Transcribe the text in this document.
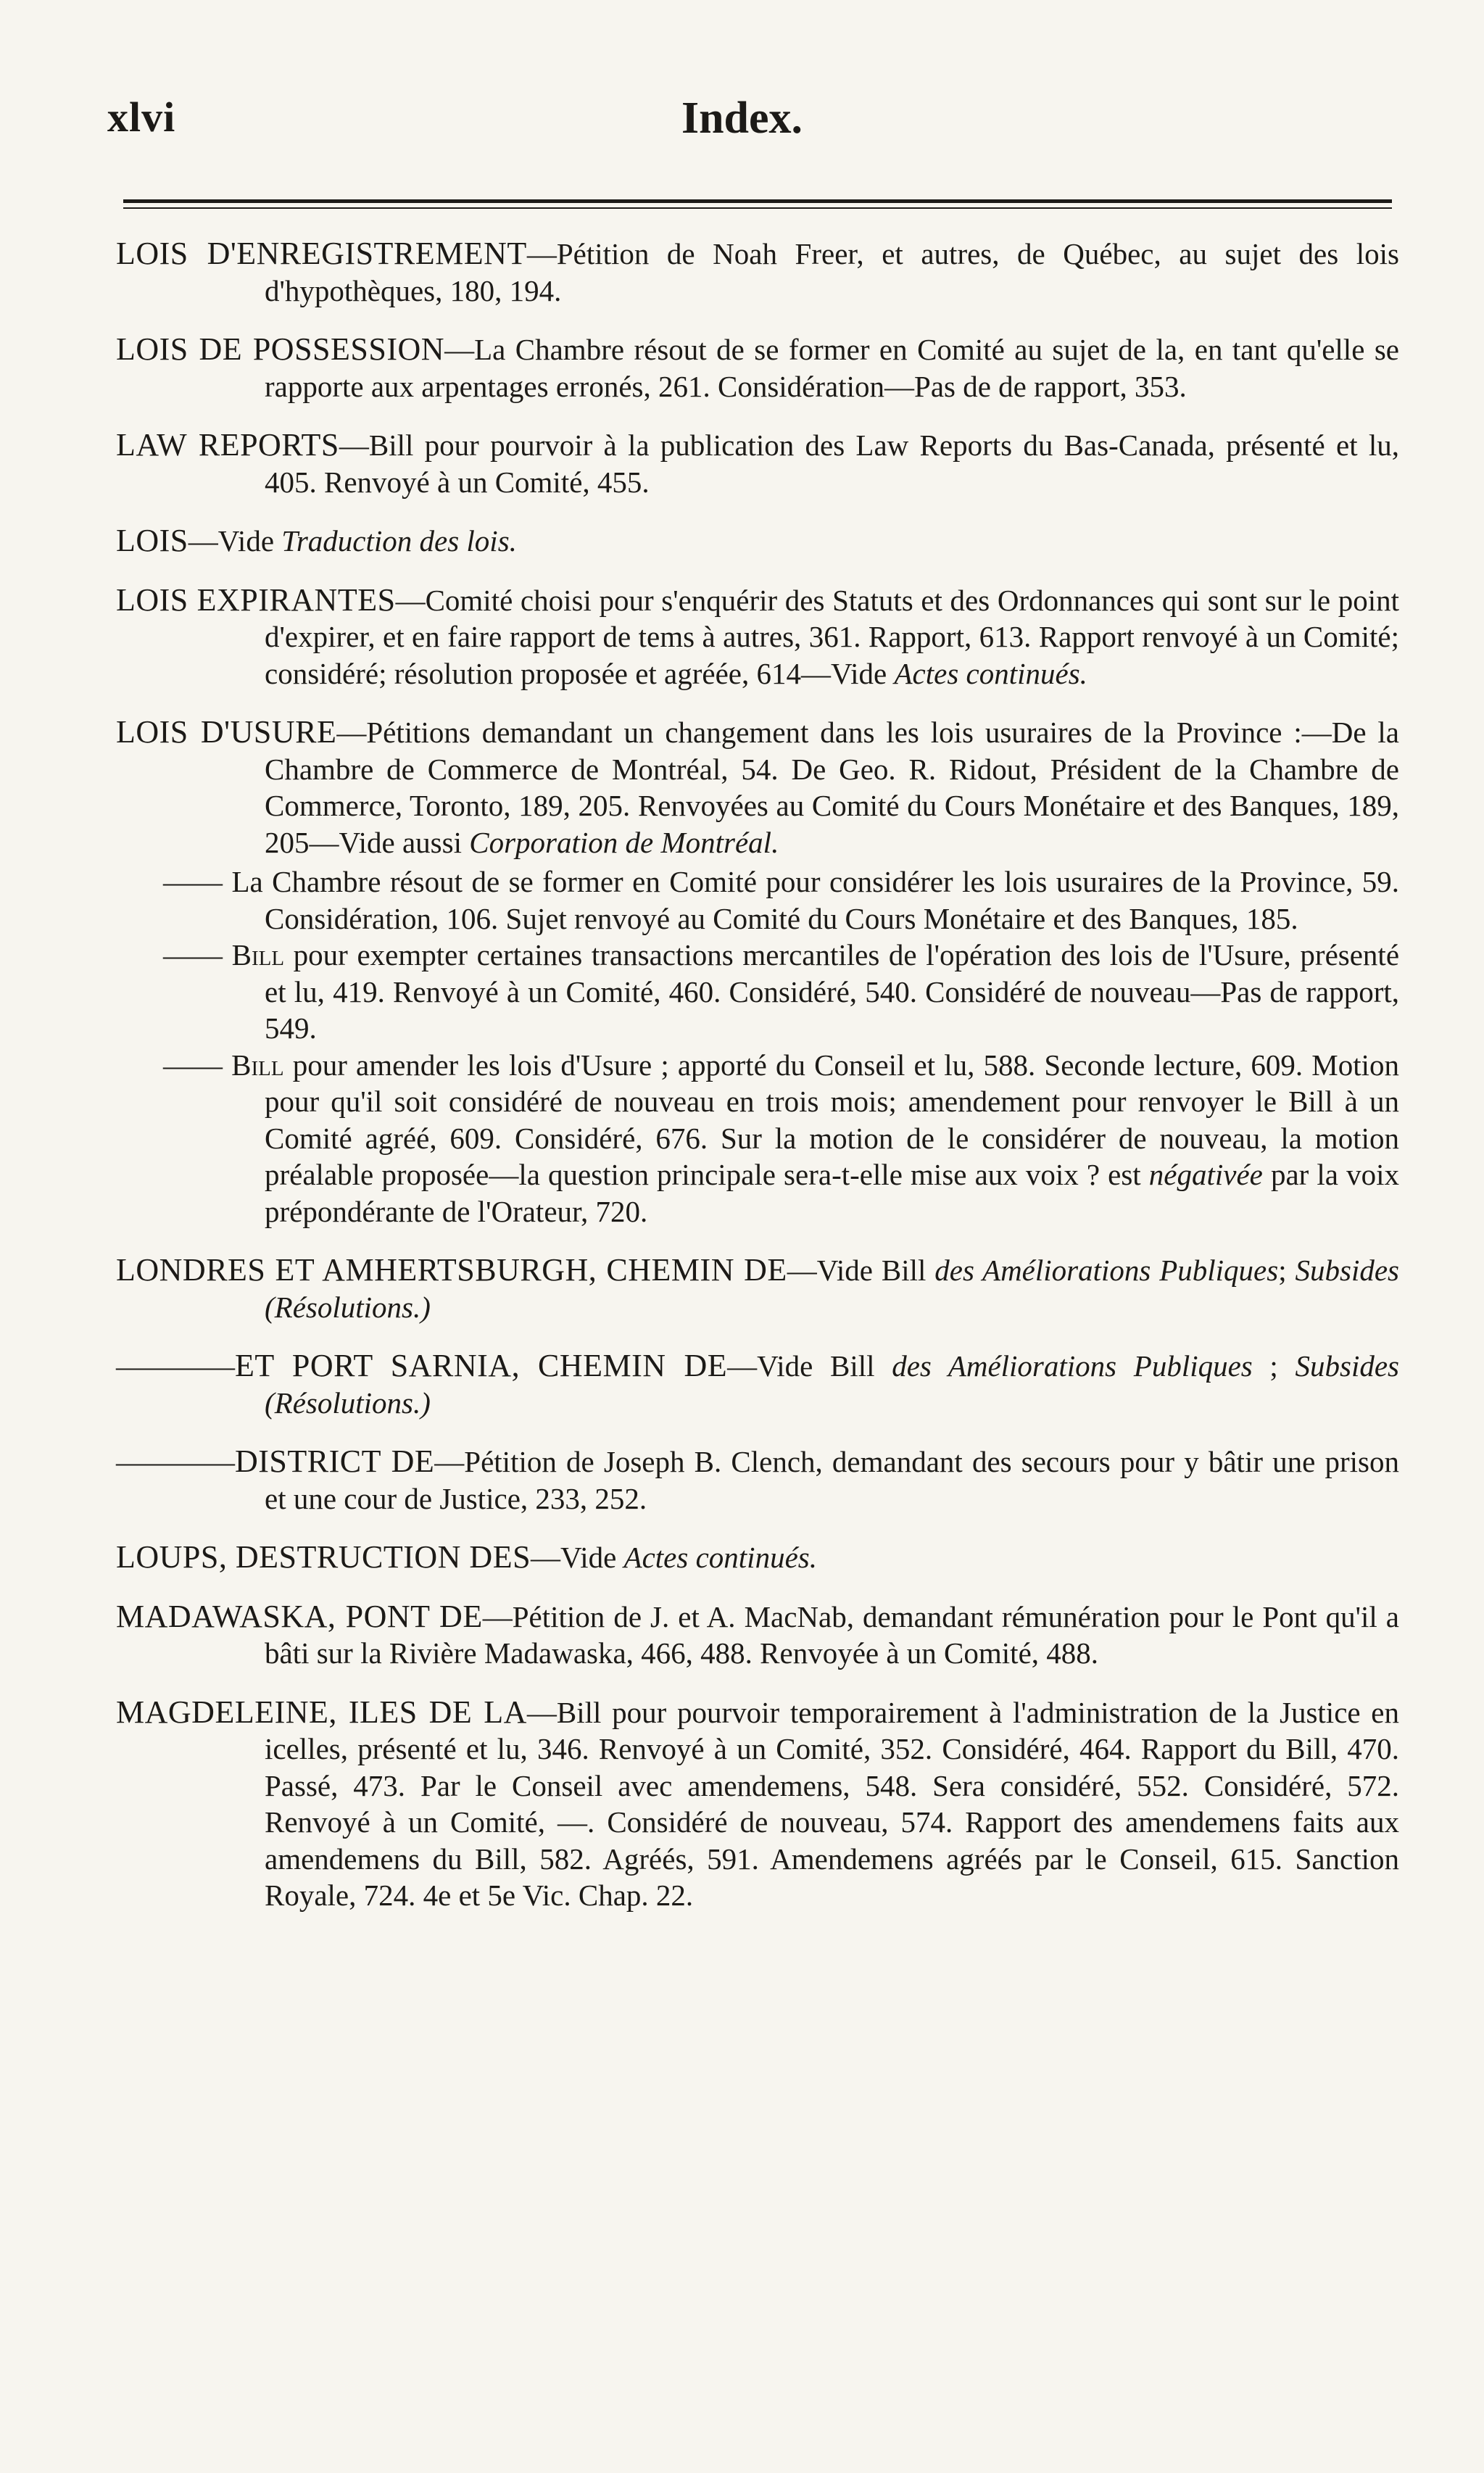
xlvi	Index.

LOIS D'ENREGISTREMENT—Pétition de Noah Freer, et autres, de Québec, au sujet des lois d'hypothèques, 180, 194.

LOIS DE POSSESSION—La Chambre résout de se former en Comité au sujet de la, en tant qu'elle se rapporte aux arpentages erronés, 261. Considération—Pas de de rapport, 353.

LAW REPORTS—Bill pour pourvoir à la publication des Law Reports du Bas-Canada, présenté et lu, 405. Renvoyé à un Comité, 455.

LOIS—Vide Traduction des lois.

LOIS EXPIRANTES—Comité choisi pour s'enquérir des Statuts et des Ordonnances qui sont sur le point d'expirer, et en faire rapport de tems à autres, 361. Rapport, 613. Rapport renvoyé à un Comité; considéré; résolution proposée et agréée, 614—Vide Actes continués.

LOIS D'USURE—Pétitions demandant un changement dans les lois usuraires de la Province :—De la Chambre de Commerce de Montréal, 54. De Geo. R. Ridout, Président de la Chambre de Commerce, Toronto, 189, 205. Renvoyées au Comité du Cours Monétaire et des Banques, 189, 205—Vide aussi Corporation de Montréal.

—— La Chambre résout de se former en Comité pour considérer les lois usuraires de la Province, 59. Considération, 106. Sujet renvoyé au Comité du Cours Monétaire et des Banques, 185.

—— Bill pour exempter certaines transactions mercantiles de l'opération des lois de l'Usure, présenté et lu, 419. Renvoyé à un Comité, 460. Considéré, 540. Considéré de nouveau—Pas de rapport, 549.

—— Bill pour amender les lois d'Usure ; apporté du Conseil et lu, 588. Seconde lecture, 609. Motion pour qu'il soit considéré de nouveau en trois mois; amendement pour renvoyer le Bill à un Comité agréé, 609. Considéré, 676. Sur la motion de le considérer de nouveau, la motion préalable proposée—la question principale sera-t-elle mise aux voix ? est négativée par la voix prépondérante de l'Orateur, 720.

LONDRES ET AMHERTSBURGH, CHEMIN DE—Vide Bill des Améliorations Publiques; Subsides (Résolutions.)

————ET PORT SARNIA, CHEMIN DE—Vide Bill des Améliorations Publiques ; Subsides (Résolutions.)

————DISTRICT DE—Pétition de Joseph B. Clench, demandant des secours pour y bâtir une prison et une cour de Justice, 233, 252.

LOUPS, DESTRUCTION DES—Vide Actes continués.

MADAWASKA, PONT DE—Pétition de J. et A. MacNab, demandant rémunération pour le Pont qu'il a bâti sur la Rivière Madawaska, 466, 488. Renvoyée à un Comité, 488.

MAGDELEINE, ILES DE LA—Bill pour pourvoir temporairement à l'administration de la Justice en icelles, présenté et lu, 346. Renvoyé à un Comité, 352. Considéré, 464. Rapport du Bill, 470. Passé, 473. Par le Conseil avec amendemens, 548. Sera considéré, 552. Considéré, 572. Renvoyé à un Comité, —. Considéré de nouveau, 574. Rapport des amendemens faits aux amendemens du Bill, 582. Agréés, 591. Amendemens agréés par le Conseil, 615. Sanction Royale, 724. 4e et 5e Vic. Chap. 22.
